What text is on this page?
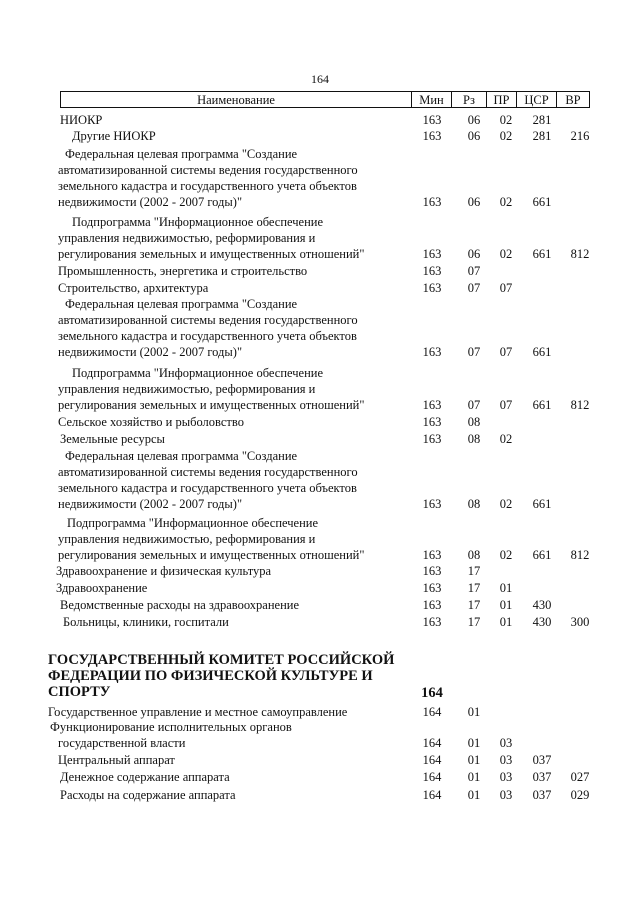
164
Наименование	Мин	Рз	ПР	ЦСР	ВР
НИОКР	163	06	02	281
Другие НИОКР	163	06	02	281	216
Федеральная целевая программа "Создание
автоматизированной системы ведения государственного
земельного кадастра и государственного учета объектов
недвижимости (2002 - 2007 годы)"	163	06	02	661
Подпрограмма "Информационное обеспечение
управления недвижимостью, реформирования и
регулирования земельных и имущественных отношений"	163	06	02	661	812
Промышленность, энергетика и строительство	163	07
Строительство, архитектура	163	07	07
Федеральная целевая программа "Создание
автоматизированной системы ведения государственного
земельного кадастра и государственного учета объектов
недвижимости (2002 - 2007 годы)"	163	07	07	661
Подпрограмма "Информационное обеспечение
управления недвижимостью, реформирования и
регулирования земельных и имущественных отношений"	163	07	07	661	812
Сельское хозяйство и рыболовство	163	08
Земельные ресурсы	163	08	02
Федеральная целевая программа "Создание
автоматизированной системы ведения государственного
земельного кадастра и государственного учета объектов
недвижимости (2002 - 2007 годы)"	163	08	02	661
Подпрограмма "Информационное обеспечение
управления недвижимостью, реформирования и
регулирования земельных и имущественных отношений"	163	08	02	661	812
Здравоохранение и физическая культура	163	17
Здравоохранение	163	17	01
Ведомственные расходы на здравоохранение	163	17	01	430
Больницы, клиники, госпитали	163	17	01	430	300
ГОСУДАРСТВЕННЫЙ КОМИТЕТ РОССИЙСКОЙ
ФЕДЕРАЦИИ ПО ФИЗИЧЕСКОЙ КУЛЬТУРЕ И
СПОРТУ	164
Государственное управление и местное самоуправление	164	01
Функционирование исполнительных органов
государственной власти	164	01	03
Центральный аппарат	164	01	03	037
Денежное содержание аппарата	164	01	03	037	027
Расходы на содержание аппарата	164	01	03	037	029
